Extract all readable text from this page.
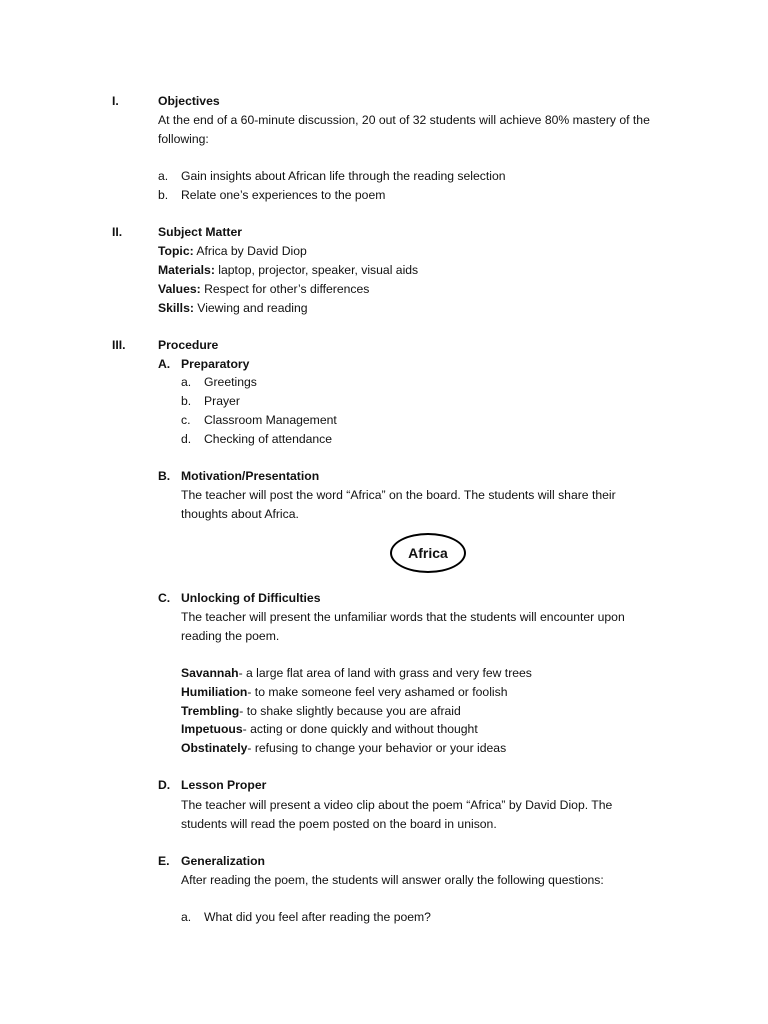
I.	Objectives
At the end of a 60-minute discussion, 20 out of 32 students will achieve 80% mastery of the
following:
a. Gain insights about African life through the reading selection
b. Relate one’s experiences to the poem
II.	Subject Matter
Topic: Africa by David Diop
Materials: laptop, projector, speaker, visual aids
Values: Respect for other’s differences
Skills: Viewing and reading
III.	Procedure
A. Preparatory
a. Greetings
b. Prayer
c. Classroom Management
d. Checking of attendance
B. Motivation/Presentation
The teacher will post the word “Africa” on the board. The students will share their
thoughts about Africa.
Africa
C. Unlocking of Difficulties
The teacher will present the unfamiliar words that the students will encounter upon
reading the poem.
Savannah- a large flat area of land with grass and very few trees
Humiliation- to make someone feel very ashamed or foolish
Trembling- to shake slightly because you are afraid
Impetuous- acting or done quickly and without thought
Obstinately- refusing to change your behavior or your ideas
D. Lesson Proper
The teacher will present a video clip about the poem “Africa” by David Diop. The
students will read the poem posted on the board in unison.
E. Generalization
After reading the poem, the students will answer orally the following questions:
a. What did you feel after reading the poem?
